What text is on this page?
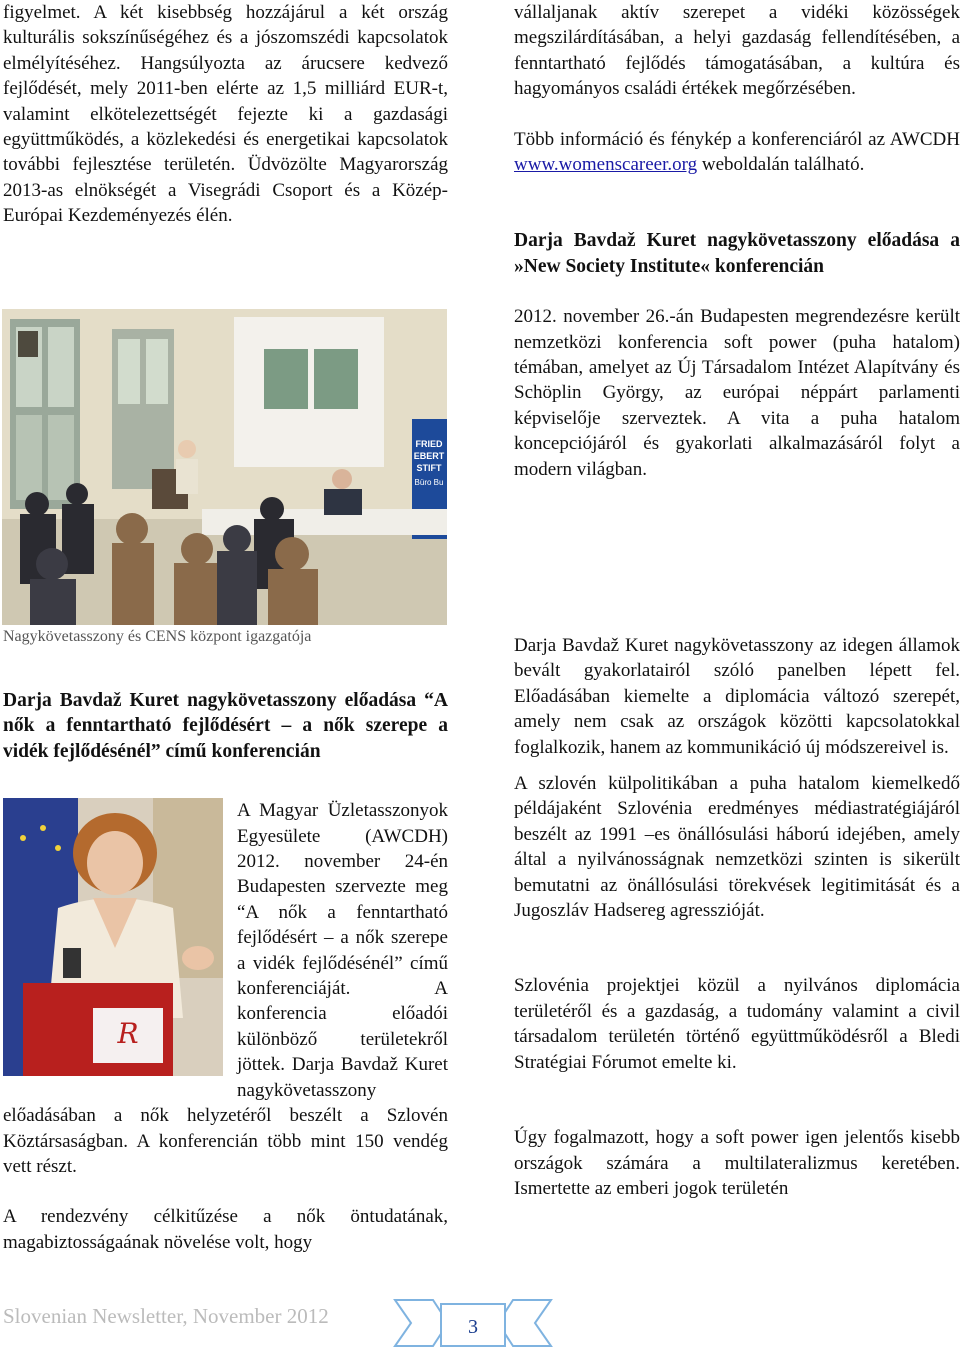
figyelmet. A két kisebbség hozzájárul a két ország kulturális sokszínűségéhez és a jószomszédi kapcsolatok elmélyítéséhez. Hangsúlyozta az árucsere kedvező fejlődését, mely 2011-ben elérte az 1,5 milliárd EUR-t, valamint elkötelezettségét fejezte ki a gazdasági együttműködés, a közlekedési és energetikai kapcsolatok további fejlesztése területén. Üdvözölte Magyarország 2013-as elnökségét a Visegrádi Csoport és a Közép-Európai Kezdeményezés élén.

FRIED
EBERT
STIFT
Büro Bu
Nagykövetasszony és CENS központ igazgatója
Darja Bavdaž Kuret nagykövetasszony előadása “A nők a fenntartható fejlődésért – a nők szerepe a vidék fejlődésénél” című konferencián
R

A Magyar Üzletasszonyok Egyesülete (AWCDH) 2012. november 24-én Budapesten szervezte meg “A nők a fenntartható fejlődésért – a nők szerepe a vidék fejlődésénél” című konferenciáját. A konferencia előadói különböző területekről jöttek. Darja Bavdaž Kuret nagykövetasszony előadásában a nők helyzetéről beszélt a Szlovén Köztársaságban. A konferencián több mint 150 vendég vett részt.

A rendezvény célkitűzése a nők öntudatának, magabiztosságaának növelése volt, hogy

vállaljanak aktív szerepet a vidéki közösségek megszilárdításában, a helyi gazdaság fellendítésében, a fenntartható fejlődés támogatásában, a kultúra és hagyományos családi értékek megőrzésében.

Több információ és fénykép a konferenciáról az AWCDH www.womenscareer.org weboldalán található.

Darja Bavdaž Kuret nagykövetasszony előadása a »New Society Institute« konferencián

2012. november 26.-án Budapesten megrendezésre került nemzetközi konferencia soft power (puha hatalom) témában, amelyet az Új Társadalom Intézet Alapítvány és Schöplin György, az európai néppárt parlamenti képviselője szerveztek. A vita a puha hatalom koncepciójáról és gyakorlati alkalmazásáról folyt a modern világban.

Darja Bavdaž Kuret nagykövetasszony az idegen államok bevált gyakorlatairól szóló panelben lépett fel. Előadásában kiemelte a diplomácia változó szerepét, amely nem csak az országok közötti kapcsolatokkal foglalkozik, hanem az kommunikáció új módszereivel is.

A szlovén külpolitikában a puha hatalom kiemelkedő példájaként Szlovénia eredményes médiastratégiájáról beszélt az 1991 –es önállósulási háború idejében, amely által a nyilvánosságnak nemzetközi szinten is sikerült bemutatni az önállósulási törekvések legitimitását és a Jugoszláv Hadsereg agresszióját.

Szlovénia projektjei közül a nyilvános diplomácia területéről és a gazdaság, a tudomány valamint a civil társadalom területén történő együttműködésről a Bledi Stratégiai Fórumot emelte ki.

Úgy fogalmazott, hogy a soft power igen jelentős kisebb országok számára a multilateralizmus keretében. Ismertette az emberi jogok területén

Slovenian Newsletter, November 2012	3
